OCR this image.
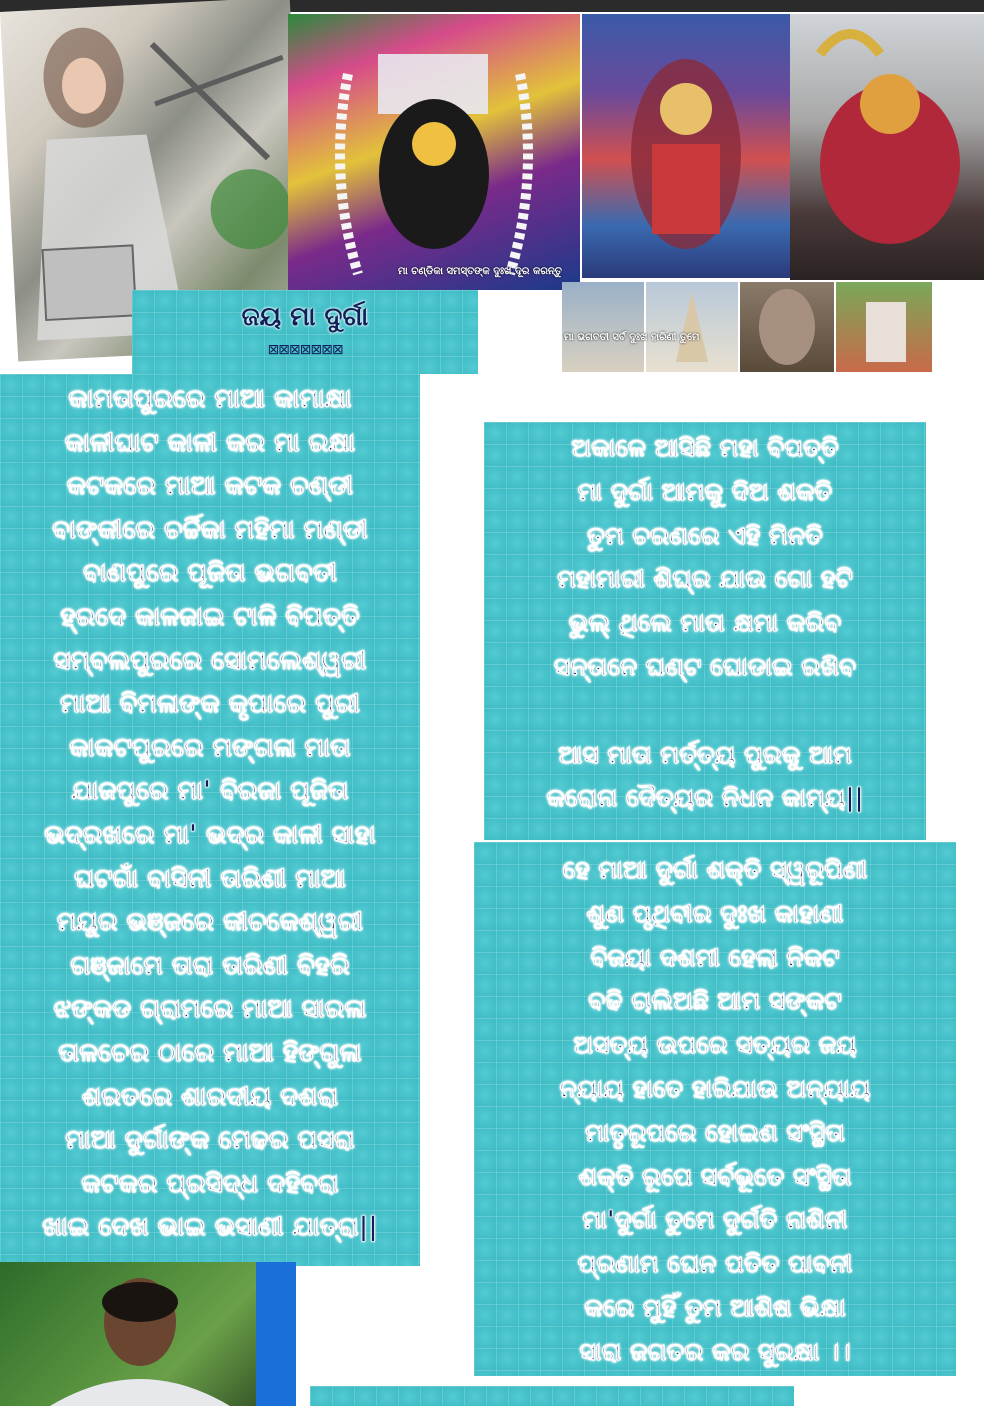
ମା ଚଣ୍ଡିକା ସମସ୍ତଙ୍କ ଦୁଃଖ ଦୂର କରନ୍ତୁ
ମା ଭଗବତୀ ସର୍ବ ଦୁଃଖ ହାରିଣୀ ତୁମେ
ଜୟ ମା ଦୁର୍ଗା
⊠⊠⊠⊠⊠⊠⊠
କାମତାପୁରରେ ମାଆ କାମାକ୍ଷା
କାଳୀଘାଟ କାଳୀ କର ମା ରକ୍ଷା
କଟକରେ ମାଆ କଟକ ଚଣ୍ଡୀ
ବାଙ୍କୀରେ ଚର୍ଚ୍ଚିକା ମହିମା ମଣ୍ଡୀ
ବାଣପୁରେ ପୂଜିତା ଭଗବତୀ
ହ୍ରଦେ କାଳଜାଇ ଟାଳି ବିପତ୍ତି
ସମ୍ବଲପୁରରେ ସୋମଲେଶ୍ୱରୀ
ମାଆ ବିମଳାଙ୍କ କୃପାରେ ପୁରୀ
କାକଟପୁରରେ ମଙ୍ଗଳା ମାତା
ଯାଜପୁରେ ମା' ବିରଜା ପୂଜିତା
ଭଦ୍ରଖରେ ମା' ଭଦ୍ର କାଳୀ ସାହା
ଘଟଗାଁ ବାସିନୀ ତାରିଣୀ ମାଆ
ମୟୂର ଭଞ୍ଜରେ କୀଚକେଶ୍ୱରୀ
ଗଞ୍ଜାମେ ତାରା ତାରିଣୀ ବିହରି
ଝଙ୍କଡ ଗ୍ରାମରେ ମାଆ ସାରଳା
ତାଳଚେର ଠାରେ ମାଆ ହିଙ୍ଗୁଳା
ଶରତରେ ଶାରଦୀୟ ଦଶରା
ମାଆ ଦୁର୍ଗାଙ୍କ ମେଢର ପସରା
କଟକର ପ୍ରସିଦ୍ଧ ଦହିବରା
ଖାଇ ଦେଖ ଭାଇ ଭସାଣୀ ଯାତ୍ରା||
ଅକାଳେ ଆସିଛି ମହା ବିପତ୍ତି
ମା ଦୁର୍ଗା ଆମକୁ ଦିଅ ଶକତି
ତୁମ ଚରଣରେ ଏହି ମିନତି
ମହାମାରୀ ଶିଘ୍ର ଯାଉ ଗୋ ହଟି
ଭୁଲ୍ ଥିଲେ ମାତା କ୍ଷମା କରିବ
ସନ୍ତାନେ ଘଣ୍ଟ ଘୋଡାଇ ରଖିବ

ଆସ ମାତା ମର୍ତ୍ତ୍ୟ ପୁରକୁ ଆମ
କରୋନା ଦୈତ୍ୟର ନିଧନ କାମ୍ୟ||
ହେ ମାଆ ଦୁର୍ଗା ଶକ୍ତି ସ୍ୱରୂପିଣୀ
ଶୁଣ ପୃଥିବୀର ଦୁଃଖ କାହାଣୀ
ବିଜୟା ଦଶମୀ ହେଲା ନିକଟ
ବଢି ଚାଲିଅଛି ଆମ ସଙ୍କଟ
ଅସତ୍ୟ ଉପରେ ସତ୍ୟର ଜୟ
ନ୍ୟାୟ ହାତେ ହାରିଯାଉ ଅନ୍ୟାୟ
ମାତୃରୂପରେ ହୋଇଣ ସଂସ୍ଥିତା
ଶକ୍ତି ରୂପେ ସର୍ବଭୂତେ ସଂସ୍ଥିତା
ମା'ଦୁର୍ଗା ତୁମେ ଦୁର୍ଗତି ନାଶିନୀ
ପ୍ରଣାମ ଘେନ ପତିତ ପାବନୀ
କରେ ମୁହିଁ ତୁମ ଆଶିଷ ଭିକ୍ଷା
ସାରା ଜଗତର କର ସୁରକ୍ଷା ।।
